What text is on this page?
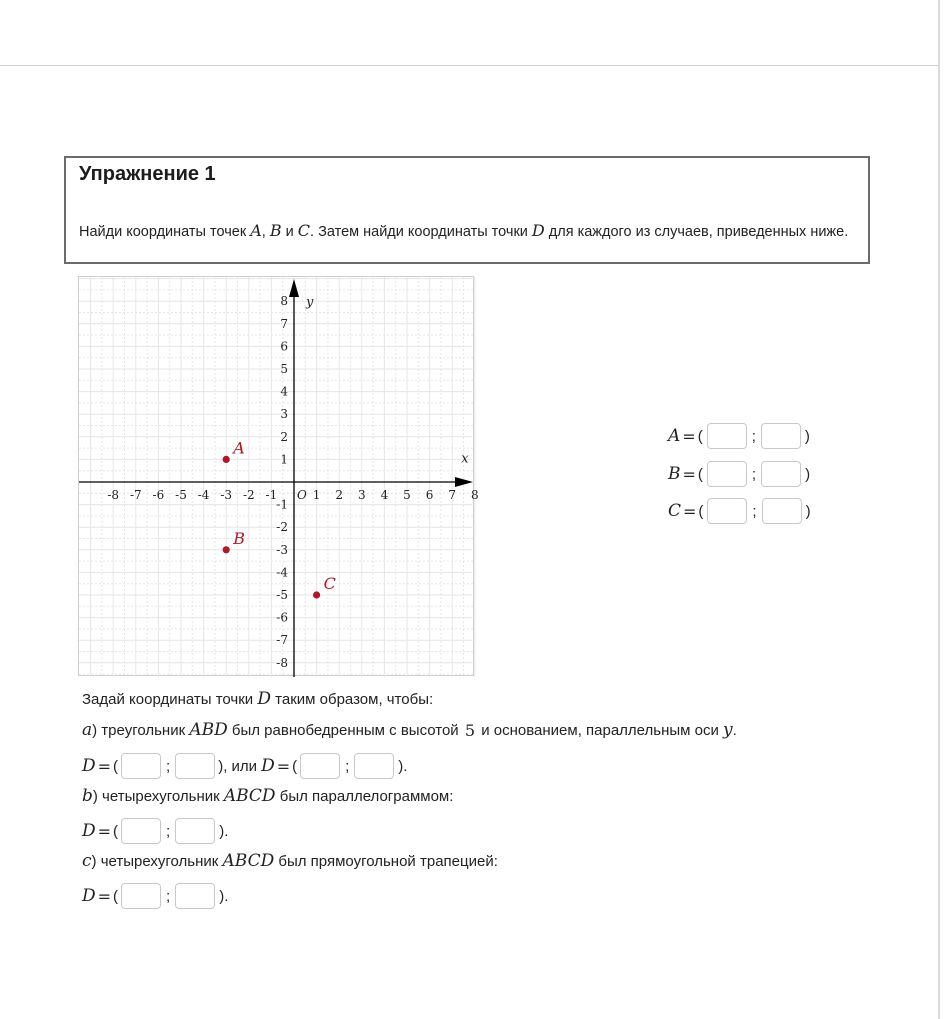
Упражнение 1
Найди координаты точек A, B и C. Затем найди координаты точки D для каждого из случаев, приведенных ниже.
x
y
-8 -7 -6 -5 -4 -3 -2 -1	1 2 3 4 5 6 7 8
8
7
6
5
4
3
2
1
-1
-2
-3
-4
-5
-6
-7
-8
O
A
B
C
A = (	;	)
B = (	;	)
C = (	;	)
Задай координаты точки
D
таким образом, чтобы:
a ) треугольник
ABD
был равнобедренным с высотой
5
и основанием, параллельным оси
y .
D = (	;	), или D = (	;	).
b ) четырехугольник
ABCD
был параллелограммом:
D = (	;	).
c ) четырехугольник
ABCD
был прямоугольной трапецией:
D = (	;	).
